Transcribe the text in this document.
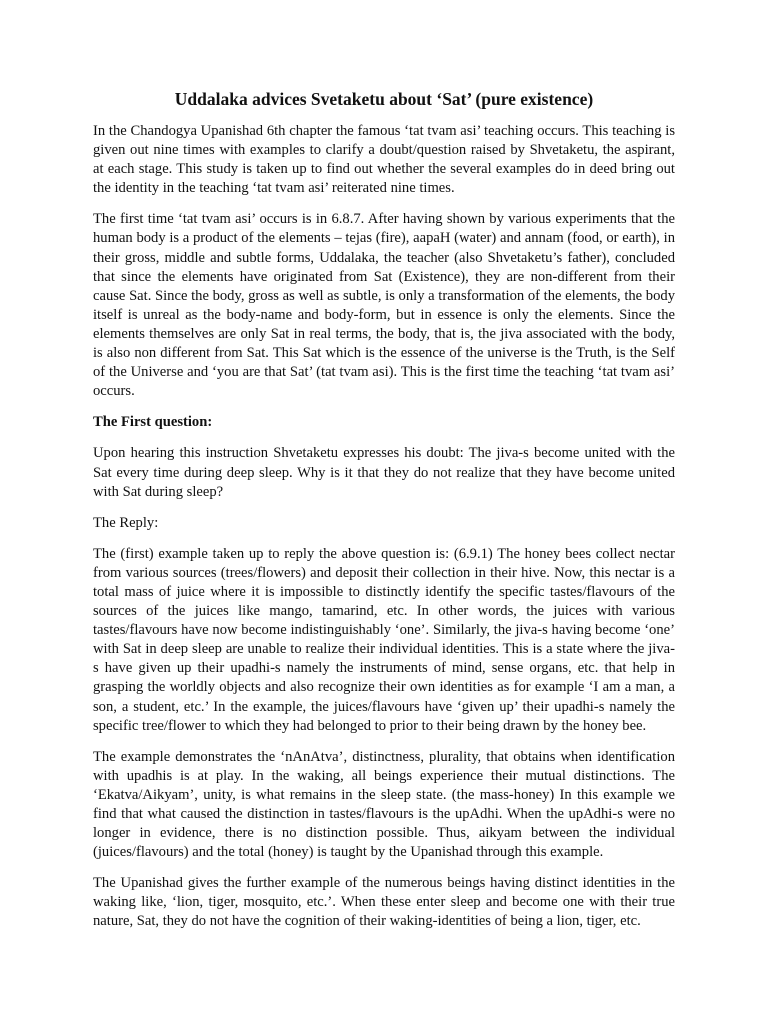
Uddalaka advices Svetaketu about ‘Sat’ (pure existence)

In the Chandogya Upanishad 6th chapter the famous ‘tat tvam asi’ teaching occurs. This teaching is given out nine times with examples to clarify a doubt/question raised by Shvetaketu, the aspirant, at each stage. This study is taken up to find out whether the several examples do in deed bring out the identity in the teaching ‘tat tvam asi’ reiterated nine times.

The first time ‘tat tvam asi’ occurs is in 6.8.7. After having shown by various experiments that the human body is a product of the elements – tejas (fire), aapaH (water) and annam (food, or earth), in their gross, middle and subtle forms, Uddalaka, the teacher (also Shvetaketu’s father), concluded that since the elements have originated from Sat (Existence), they are non-different from their cause Sat. Since the body, gross as well as subtle, is only a transformation of the elements, the body itself is unreal as the body-name and body-form, but in essence is only the elements. Since the elements themselves are only Sat in real terms, the body, that is, the jiva associated with the body, is also non different from Sat. This Sat which is the essence of the universe is the Truth, is the Self of the Universe and ‘you are that Sat’ (tat tvam asi). This is the first time the teaching ‘tat tvam asi’ occurs.

The First question:

Upon hearing this instruction Shvetaketu expresses his doubt: The jiva-s become united with the Sat every time during deep sleep. Why is it that they do not realize that they have become united with Sat during sleep?

The Reply:

The (first) example taken up to reply the above question is: (6.9.1) The honey bees collect nectar from various sources (trees/flowers) and deposit their collection in their hive. Now, this nectar is a total mass of juice where it is impossible to distinctly identify the specific tastes/flavours of the sources of the juices like mango, tamarind, etc. In other words, the juices with various tastes/flavours have now become indistinguishably ‘one’. Similarly, the jiva-s having become ‘one’ with Sat in deep sleep are unable to realize their individual identities. This is a state where the jiva-s have given up their upadhi-s namely the instruments of mind, sense organs, etc. that help in grasping the worldly objects and also recognize their own identities as for example ‘I am a man, a son, a student, etc.’ In the example, the juices/flavours have ‘given up’ their upadhi-s namely the specific tree/flower to which they had belonged to prior to their being drawn by the honey bee.

The example demonstrates the ‘nAnAtva’, distinctness, plurality, that obtains when identification with upadhis is at play. In the waking, all beings experience their mutual distinctions. The ‘Ekatva/Aikyam’, unity, is what remains in the sleep state. (the mass-honey) In this example we find that what caused the distinction in tastes/flavours is the upAdhi. When the upAdhi-s were no longer in evidence, there is no distinction possible. Thus, aikyam between the individual (juices/flavours) and the total (honey) is taught by the Upanishad through this example.

The Upanishad gives the further example of the numerous beings having distinct identities in the waking like, ‘lion, tiger, mosquito, etc.’. When these enter sleep and become one with their true nature, Sat, they do not have the cognition of their waking-identities of being a lion, tiger, etc.
